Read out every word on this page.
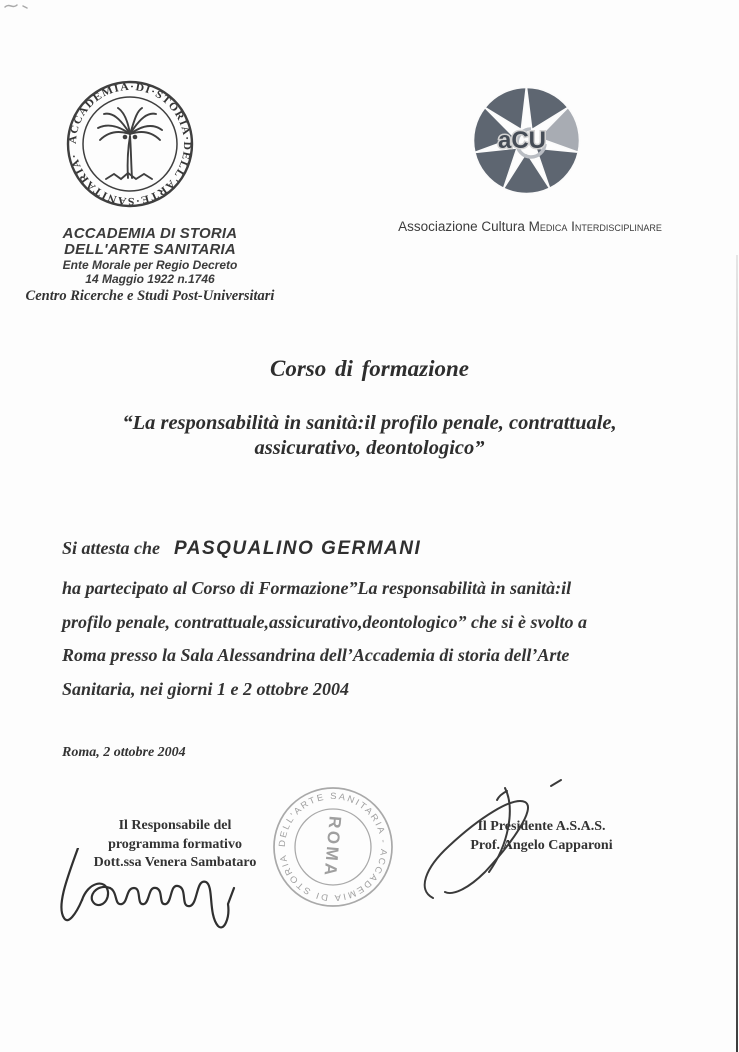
ACCADEMIA·DI·STORIA·DELL'ARTE·SANITARIA·
ACCADEMIA DI STORIA
DELL'ARTE SANITARIA
Ente Morale per Regio Decreto
14 Maggio 1922 n.1746
Centro Ricerche e Studi Post-Universitari
aCU
Associazione Cultura Medica Interdisciplinare
Corso di formazione
“La responsabilità in sanità:il profilo penale, contrattuale,
assicurativo, deontologico”
Si attesta che PASQUALINO GERMANI
ha partecipato al Corso di Formazione”La responsabilità in sanità:il
profilo penale, contrattuale,assicurativo,deontologico” che si è svolto a
Roma presso la Sala Alessandrina dell’Accademia di storia dell’Arte
Sanitaria, nei giorni 1 e 2 ottobre 2004
Roma, 2 ottobre 2004
Il Responsabile del
programma formativo
Dott.ssa Venera Sambataro
DELL’ARTE SANITARIA - ACCADEMIA DI STORIA	ROMA	Il Presidente A.S.A.S.
Prof. Angelo Capparoni
